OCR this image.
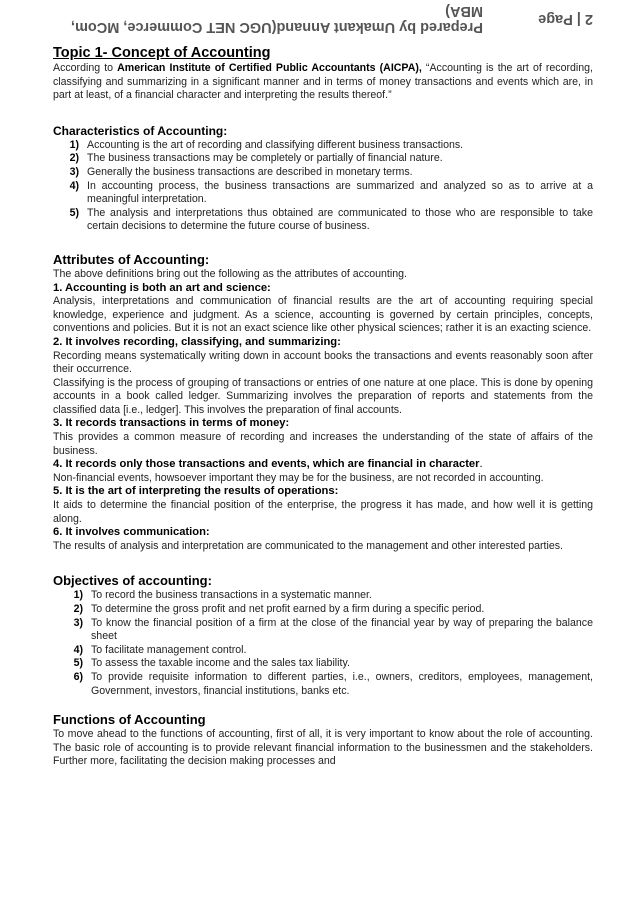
2 | Page
Prepared by Umakant Annand(UGC NET Commerce, MCom, MBA)
Topic 1- Concept of Accounting

According to American Institute of Certified Public Accountants (AICPA), “Accounting is the art of recording, classifying and summarizing in a significant manner and in terms of money transactions and events which are, in part at least, of a financial character and interpreting the results thereof.”

Characteristics of Accounting:
1) Accounting is the art of recording and classifying different business transactions.
2) The business transactions may be completely or partially of financial nature.
3) Generally the business transactions are described in monetary terms.
4) In accounting process, the business transactions are summarized and analyzed so as to arrive at a meaningful interpretation.
5) The analysis and interpretations thus obtained are communicated to those who are responsible to take certain decisions to determine the future course of business.
Attributes of Accounting:

The above definitions bring out the following as the attributes of accounting.

1. Accounting is both an art and science:

Analysis, interpretations and communication of financial results are the art of accounting requiring special knowledge, experience and judgment. As a science, accounting is governed by certain principles, concepts, conventions and policies. But it is not an exact science like other physical sciences; rather it is an exacting science.

2. It involves recording, classifying, and summarizing:

Recording means systematically writing down in account books the transactions and events reasonably soon after their occurrence.

Classifying is the process of grouping of transactions or entries of one nature at one place. This is done by opening accounts in a book called ledger. Summarizing involves the preparation of reports and statements from the classified data [i.e., ledger]. This involves the preparation of final accounts.

3. It records transactions in terms of money:

This provides a common measure of recording and increases the understanding of the state of affairs of the business.

4. It records only those transactions and events, which are financial in character.

Non-financial events, howsoever important they may be for the business, are not recorded in accounting.

5. It is the art of interpreting the results of operations:

It aids to determine the financial position of the enterprise, the progress it has made, and how well it is getting along.

6. It involves communication:

The results of analysis and interpretation are communicated to the management and other interested parties.

Objectives of accounting:
1) To record the business transactions in a systematic manner.
2) To determine the gross profit and net profit earned by a firm during a specific period.
3) To know the financial position of a firm at the close of the financial year by way of preparing the balance sheet
4) To facilitate management control.
5) To assess the taxable income and the sales tax liability.
6) To provide requisite information to different parties, i.e., owners, creditors, employees, management, Government, investors, financial institutions, banks etc.
Functions of Accounting

To move ahead to the functions of accounting, first of all, it is very important to know about the role of accounting. The basic role of accounting is to provide relevant financial information to the businessmen and the stakeholders. Further more, facilitating the decision making processes and
